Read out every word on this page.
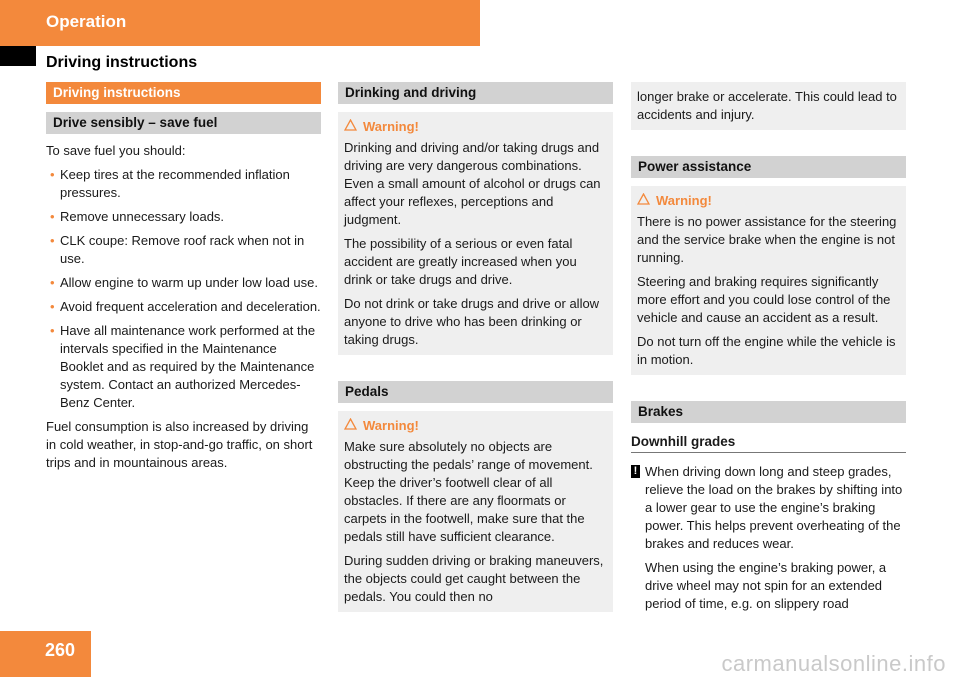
Operation
Driving instructions
Driving instructions
Drive sensibly – save fuel

To save fuel you should:

• Keep tires at the recommended inflation pressures.
• Remove unnecessary loads.
• CLK coupe: Remove roof rack when not in use.
• Allow engine to warm up under low load use.
• Avoid frequent acceleration and deceleration.
• Have all maintenance work performed at the intervals specified in the Maintenance Booklet and as required by the Maintenance system. Contact an authorized Mercedes-Benz Center.

Fuel consumption is also increased by driving in cold weather, in stop-and-go traffic, on short trips and in mountainous areas.

Drinking and driving
Warning!

Drinking and driving and/or taking drugs and driving are very dangerous combinations. Even a small amount of alcohol or drugs can affect your reflexes, perceptions and judgment.

The possibility of a serious or even fatal accident are greatly increased when you drink or take drugs and drive.

Do not drink or take drugs and drive or allow anyone to drive who has been drinking or taking drugs.

Pedals
Warning!

Make sure absolutely no objects are obstructing the pedals’ range of movement. Keep the driver’s footwell clear of all obstacles. If there are any floormats or carpets in the footwell, make sure that the pedals still have sufficient clearance.

During sudden driving or braking maneuvers, the objects could get caught between the pedals. You could then no

longer brake or accelerate. This could lead to accidents and injury.

Power assistance
Warning!

There is no power assistance for the steering and the service brake when the engine is not running.

Steering and braking requires significantly more effort and you could lose control of the vehicle and cause an accident as a result.

Do not turn off the engine while the vehicle is in motion.

Brakes
Downhill grades
! When driving down long and steep grades, relieve the load on the brakes by shifting into a lower gear to use the engine’s braking power. This helps prevent overheating of the brakes and reduces wear.

When using the engine’s braking power, a drive wheel may not spin for an extended period of time, e.g. on slippery road

260
carmanualsonline.info
